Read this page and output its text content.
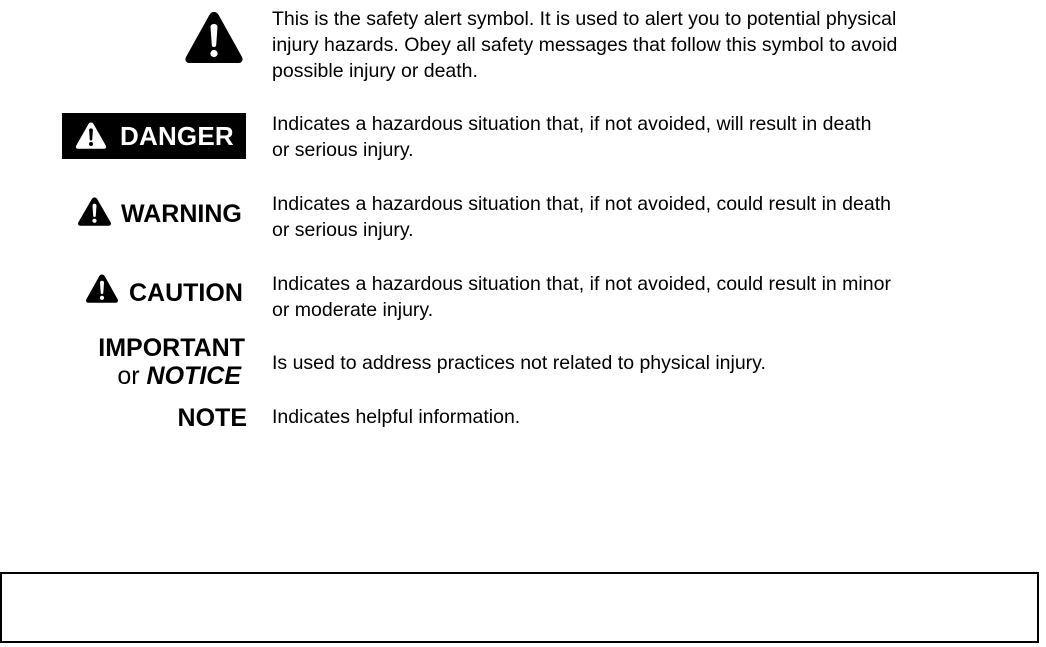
This is the safety alert symbol. It is used to alert you to potential physical
injury hazards. Obey all safety messages that follow this symbol to avoid
possible injury or death.
DANGER Indicates a hazardous situation that, if not avoided, will result in death
or serious injury.
WARNING Indicates a hazardous situation that, if not avoided, could result in death
or serious injury.
CAUTION Indicates a hazardous situation that, if not avoided, could result in minor
or moderate injury.
IMPORTANT
or NOTICE Is used to address practices not related to physical injury.
NOTE Indicates helpful information.
